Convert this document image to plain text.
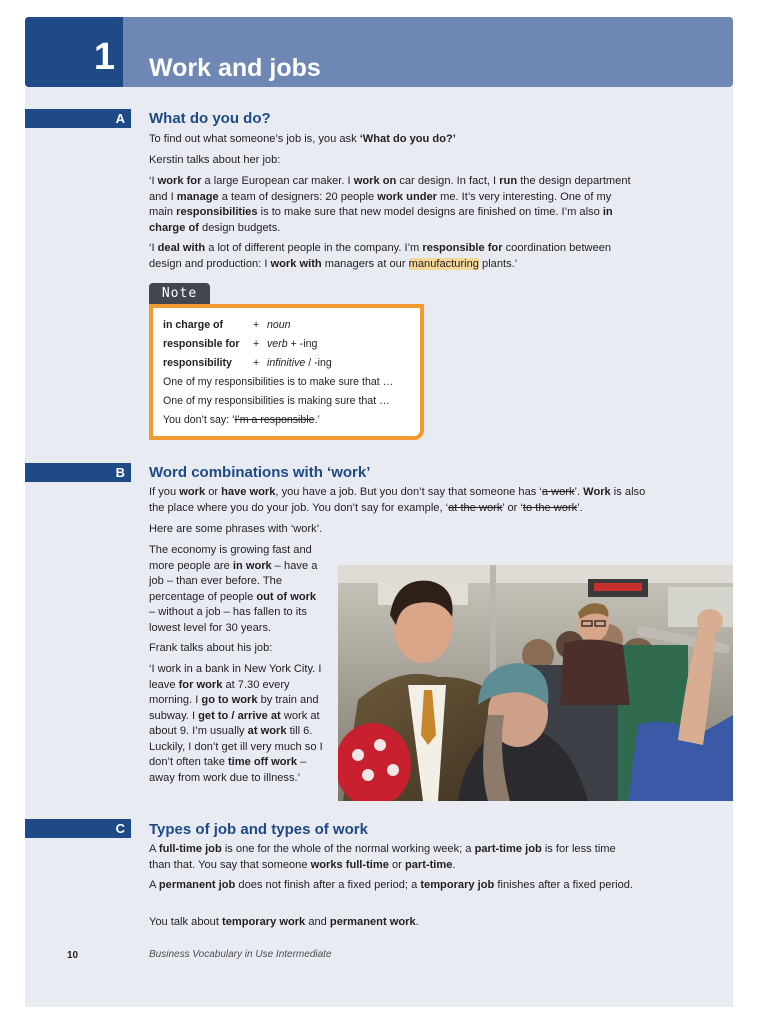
1 Work and jobs
A What do you do?
To find out what someone’s job is, you ask ‘What do you do?’
Kerstin talks about her job:
‘I work for a large European car maker. I work on car design. In fact, I run the design department and I manage a team of designers: 20 people work under me. It’s very interesting. One of my main responsibilities is to make sure that new model designs are finished on time. I’m also in charge of design budgets.
‘I deal with a lot of different people in the company. I’m responsible for coordination between design and production: I work with managers at our manufacturing plants.’
Note
in charge of	+ noun
responsible for + verb + -ing
responsibility + infinitive / -ing
One of my responsibilities is to make sure that …
One of my responsibilities is making sure that …
You don’t say: ‘I’m a responsible.’
B Word combinations with ‘work’
If you work or have work, you have a job. But you don’t say that someone has ‘a work’. Work is also the place where you do your job. You don’t say for example, ‘at the work’ or ‘to the work’.
Here are some phrases with ‘work’.
The economy is growing fast and more people are in work – have a job – than ever before. The percentage of people out of work – without a job – has fallen to its lowest level for 30 years.
Frank talks about his job:
‘I work in a bank in New York City. I leave for work at 7.30 every morning. I go to work by train and subway. I get to / arrive at work at about 9. I’m usually at work till 6. Luckily, I don’t get ill very much so I don’t often take time off work – away from work due to illness.’
C Types of job and types of work
A full-time job is one for the whole of the normal working week; a part-time job is for less time than that. You say that someone works full-time or part-time.
A permanent job does not finish after a fixed period; a temporary job finishes after a fixed period.
You talk about temporary work and permanent work.
10	Business Vocabulary in Use Intermediate
